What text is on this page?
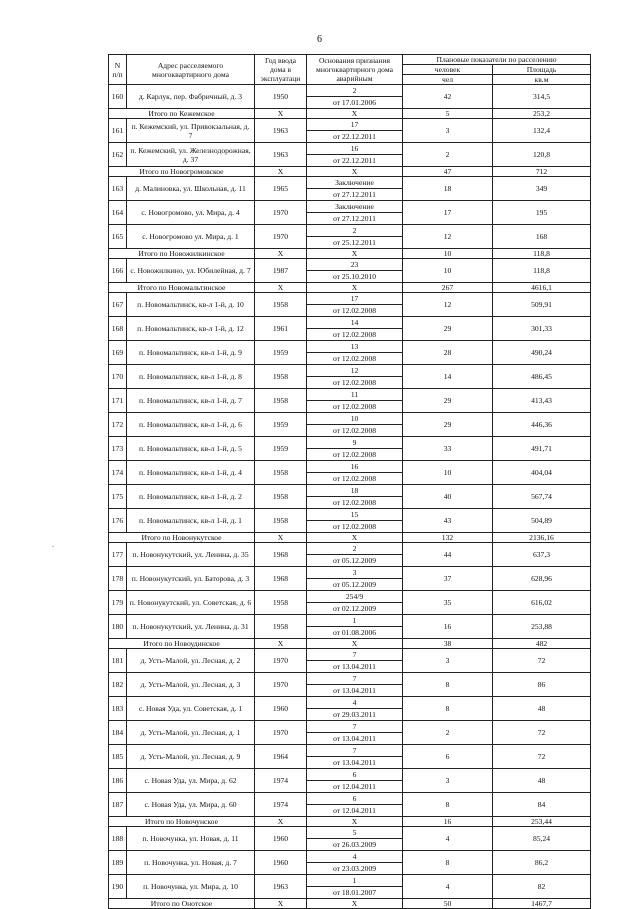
6
.
N
п/п	Адрес расселяемого многоквартирного дома	Год ввода дома в эксплуатаци	Основания признания многоквартирного дома аварийным	Плановые показатели по расселению	
				человек	Площадь
				чел	кв.м
160	д. Карлук, пер. Фабричный, д. 3	1950	2
от 17.01.2006	42	314,5
Итого по Кежемское		X	X	5	253,2
161	п. Кежемский, ул. Привокзальная, д. 7	1963	17
от 22.12.2011	3	132,4
162	п. Кежемский, ул. Железнодорожная, д. 37	1963	16
от 22.12.2011	2	120,8
Итого по Новогромовское		X	X	47	712
163	д. Малиновка, ул. Школьная, д. 11	1965	Заключение
от 27.12.2011	18	349
164	с. Новогромово, ул. Мира, д. 4	1970	Заключение
от 27.12.2011	17	195
165	с. Новогромово ул. Мира, д. 1	1970	2
от 25.12.2011	12	168
Итого по Новожилкинское		X	X	10	118,8
166	с. Новожилкино, ул. Юбилейная, д. 7	1987	23
от 25.10.2010	10	118,8
Итого по Новомальтинское		X	X	267	4616,1
167	п. Новомальтинск, кв-л 1-й, д. 10	1958	17
от 12.02.2008	12	509,91
168	п. Новомальтинск, кв-л 1-й, д. 12	1961	14
от 12.02.2008	29	301,33
169	п. Новомальтинск, кв-л 1-й, д. 9	1959	13
от 12.02.2008	28	490,24
170	п. Новомальтинск, кв-л 1-й, д. 8	1958	12
от 12.02.2008	14	486,45
171	п. Новомальтинск, кв-л 1-й, д. 7	1958	11
от 12.02.2008	29	413,43
172	п. Новомальтинск, кв-л 1-й, д. 6	1959	10
от 12.02.2008	29	446,36
173	п. Новомальтинск, кв-л 1-й, д. 5	1959	9
от 12.02.2008	33	491,71
174	п. Новомальтинск, кв-л 1-й, д. 4	1958	16
от 12.02.2008	10	404,04
175	п. Новомальтинск, кв-л 1-й, д. 2	1958	18
от 12.02.2008	40	567,74
176	п. Новомальтинск, кв-л 1-й, д. 1	1958	15
от 12.02.2008	43	504,89
Итого по Новонукутское		X	X	132	2136,16
177	п. Новонукутский, ул. Ленина, д. 35	1968	2
от 05.12.2009	44	637,3
178	п. Новонукутский, ул. Баторова, д. 3	1968	3
от 05.12.2009	37	628,96
179	п. Новонукутский, ул. Советская, д. 6	1958	254/9
от 02.12.2009	35	616,02
180	п. Новонукутский, ул. Ленина, д. 31	1958	1
от 01.08.2006	16	253,88
Итого по Новоудинское		X	X	38	482
181	д. Усть-Малой, ул. Лесная, д. 2	1970	7
от 13.04.2011	3	72
182	д. Усть-Малой, ул. Лесная, д. 3	1970	7
от 13.04.2011	8	86
183	с. Новая Уда, ул. Советская, д. 1	1960	4
от 29.03.2011	8	48
184	д. Усть-Малой, ул. Лесная, д. 1	1970	7
от 13.04.2011	2	72
185	д. Усть-Малой, ул. Лесная, д. 9	1964	7
от 13.04.2011	6	72
186	с. Новая Уда, ул. Мира, д. 62	1974	6
от 12.04.2011	3	48
187	с. Новая Уда, ул. Мира, д. 60	1974	6
от 12.04.2011	8	84
Итого по Новочунское		X	X	16	253,44
188	п. Новочунка, ул. Новая, д. 11	1960	5
от 26.03.2009	4	85,24
189	п. Новочунка, ул. Новая, д. 7	1960	4
от 23.03.2009	8	86,2
190	п. Новочунка, ул. Мира, д. 10	1963	1
от 18.01.2007	4	82
Итого по Онотское		X	X	50	1467,7
